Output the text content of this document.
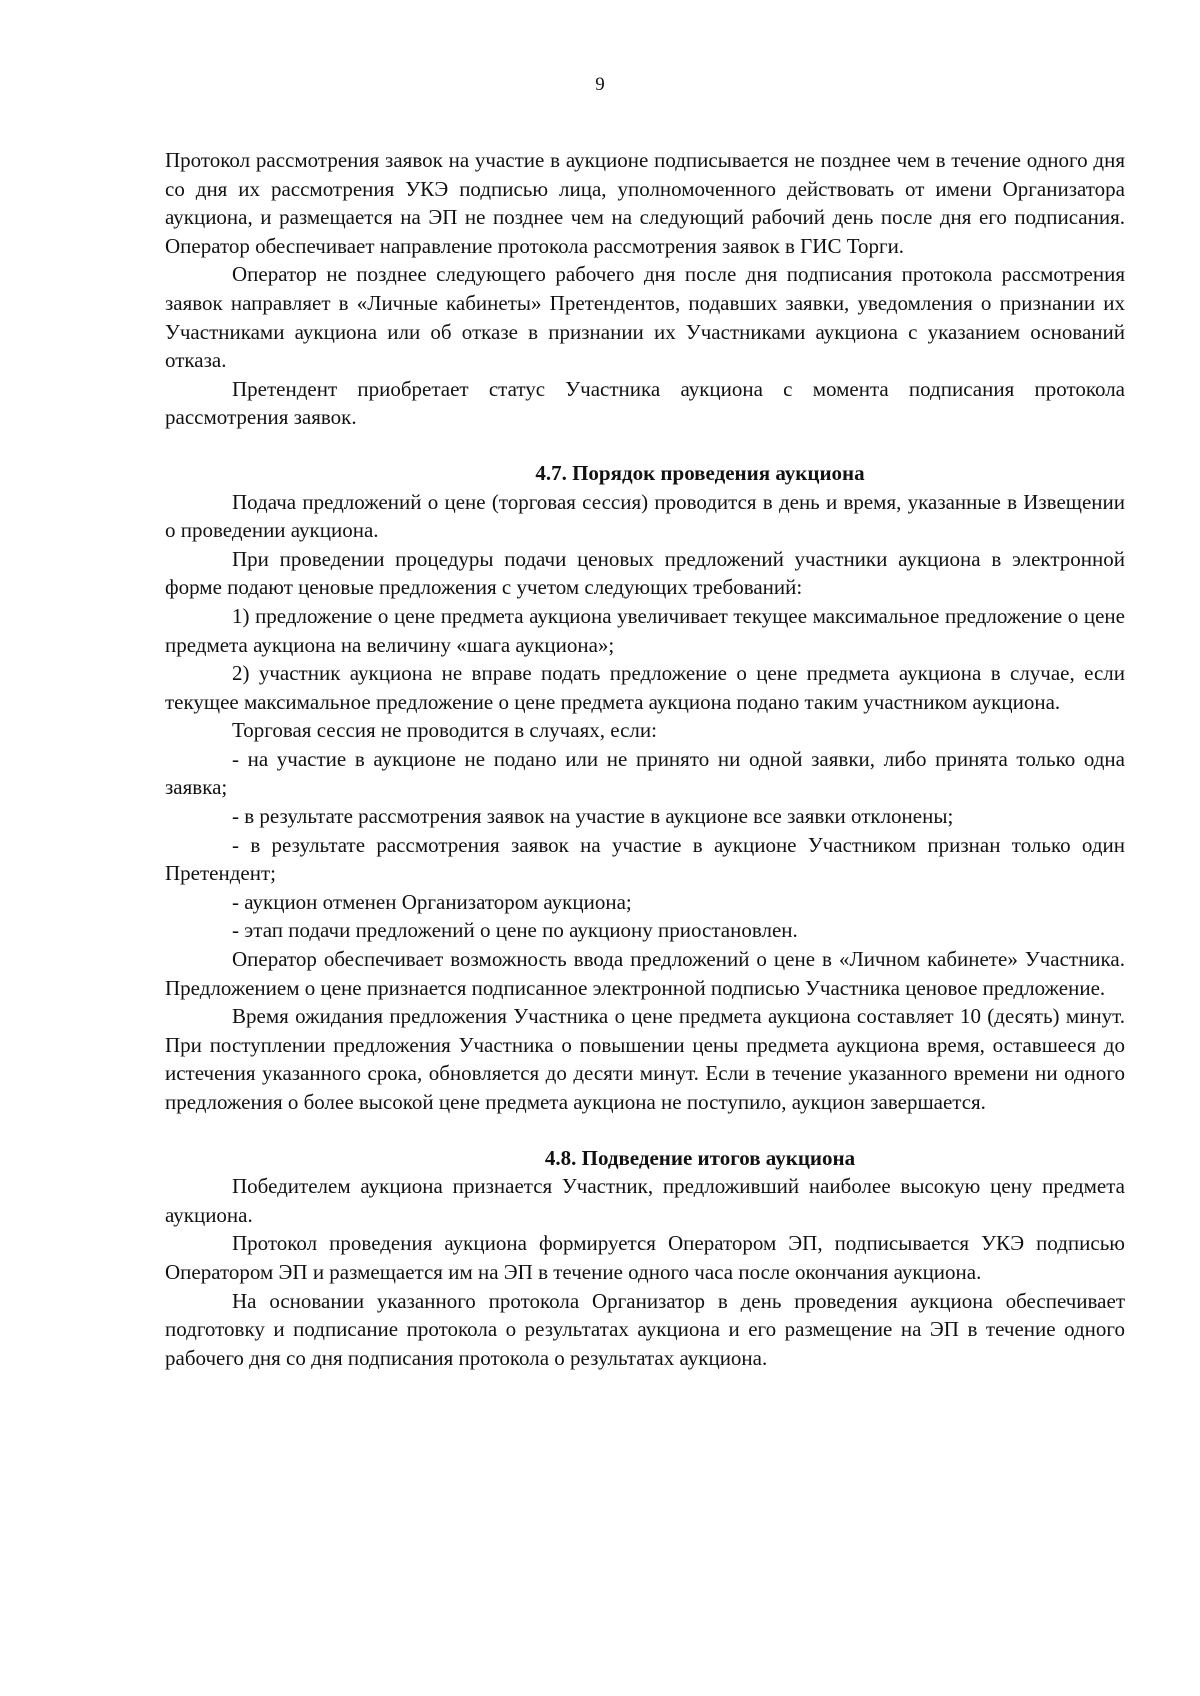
9

Протокол рассмотрения заявок на участие в аукционе подписывается не позднее чем в течение одного дня со дня их рассмотрения УКЭ подписью лица, уполномоченного действовать от имени Организатора аукциона, и размещается на ЭП не позднее чем на следующий рабочий день после дня его подписания. Оператор обеспечивает направление протокола рассмотрения заявок в ГИС Торги.

Оператор не позднее следующего рабочего дня после дня подписания протокола рассмотрения заявок направляет в «Личные кабинеты» Претендентов, подавших заявки, уведомления о признании их Участниками аукциона или об отказе в признании их Участниками аукциона с указанием оснований отказа.

Претендент приобретает статус Участника аукциона с момента подписания протокола рассмотрения заявок.

4.7. Порядок проведения аукциона

Подача предложений о цене (торговая сессия) проводится в день и время, указанные в Извещении о проведении аукциона.

При проведении процедуры подачи ценовых предложений участники аукциона в электронной форме подают ценовые предложения с учетом следующих требований:

1) предложение о цене предмета аукциона увеличивает текущее максимальное предложение о цене предмета аукциона на величину «шага аукциона»;

2) участник аукциона не вправе подать предложение о цене предмета аукциона в случае, если текущее максимальное предложение о цене предмета аукциона подано таким участником аукциона.

Торговая сессия не проводится в случаях, если:

- на участие в аукционе не подано или не принято ни одной заявки, либо принята только одна заявка;

- в результате рассмотрения заявок на участие в аукционе все заявки отклонены;

- в результате рассмотрения заявок на участие в аукционе Участником признан только один Претендент;

- аукцион отменен Организатором аукциона;

- этап подачи предложений о цене по аукциону приостановлен.

Оператор обеспечивает возможность ввода предложений о цене в «Личном кабинете» Участника. Предложением о цене признается подписанное электронной подписью Участника ценовое предложение.

Время ожидания предложения Участника о цене предмета аукциона составляет 10 (десять) минут. При поступлении предложения Участника о повышении цены предмета аукциона время, оставшееся до истечения указанного срока, обновляется до десяти минут. Если в течение указанного времени ни одного предложения о более высокой цене предмета аукциона не поступило, аукцион завершается.

4.8. Подведение итогов аукциона

Победителем аукциона признается Участник, предложивший наиболее высокую цену предмета аукциона.

Протокол проведения аукциона формируется Оператором ЭП, подписывается УКЭ подписью Оператором ЭП и размещается им на ЭП в течение одного часа после окончания аукциона.

На основании указанного протокола Организатор в день проведения аукциона обеспечивает подготовку и подписание протокола о результатах аукциона и его размещение на ЭП в течение одного рабочего дня со дня подписания протокола о результатах аукциона.
